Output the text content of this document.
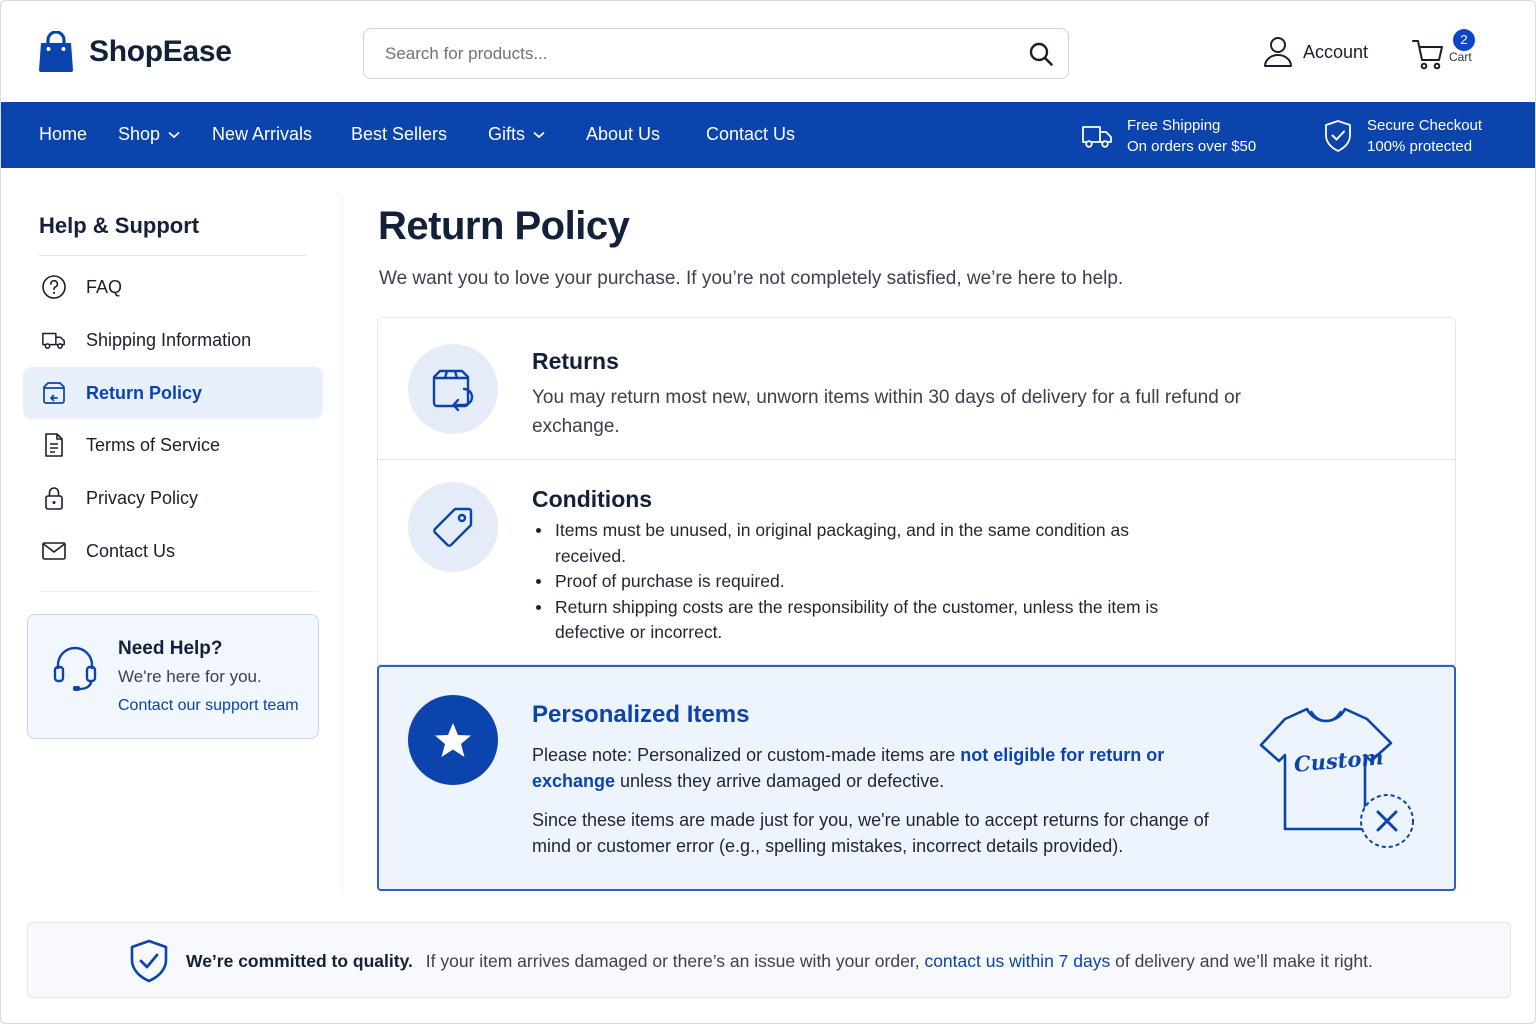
ShopEase
Search for products...	Account
2
Cart
Home Shop	New Arrivals Best Sellers Gifts	About Us	Contact Us	Free Shipping
On orders over $50
Secure Checkout
100% protected
Help & Support
FAQ
Shipping Information
Return Policy
Terms of Service
Privacy Policy
Contact Us
Need Help?
We're here for you.
Contact our support team
Return Policy

We want you to love your purchase. If you’re not completely satisfied, we’re here to help.

Returns
You may return most new, unworn items within 30 days of delivery for a full refund or exchange.
Conditions
Items must be unused, in original packaging, and in the same condition as received.
Proof of purchase is required.
Return shipping costs are the responsibility of the customer, unless the item is defective or incorrect.
Personalized Items
Please note: Personalized or custom-made items are not eligible for return or exchange unless they arrive damaged or defective.
Since these items are made just for you, we're unable to accept returns for change of mind or customer error (e.g., spelling mistakes, incorrect details provided).
Custom
We’re committed to quality. If your item arrives damaged or there’s an issue with your order, contact us within 7 days of delivery and we’ll make it right.
